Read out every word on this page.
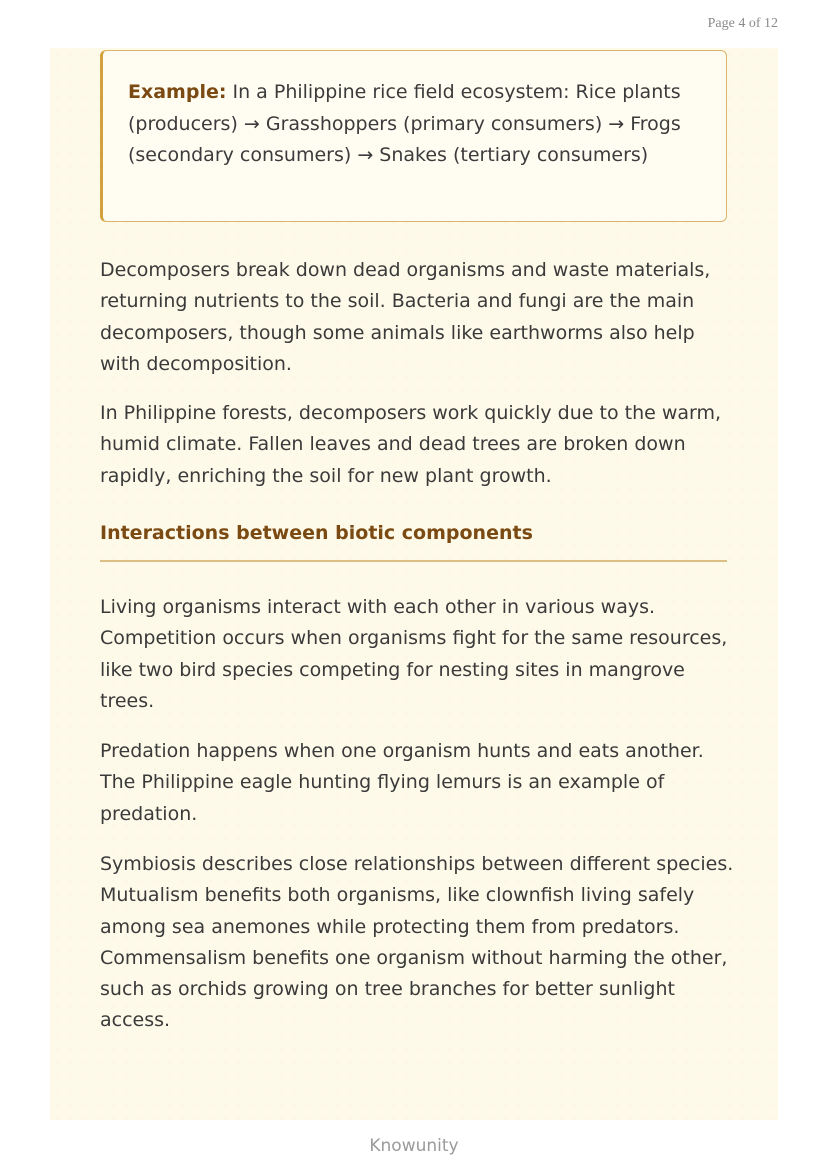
Page 4 of 12
Example: In a Philippine rice field ecosystem: Rice plants (producers) → Grasshoppers (primary consumers) → Frogs (secondary consumers) → Snakes (tertiary consumers)

Decomposers break down dead organisms and waste materials, returning nutrients to the soil. Bacteria and fungi are the main decomposers, though some animals like earthworms also help with decomposition.

In Philippine forests, decomposers work quickly due to the warm, humid climate. Fallen leaves and dead trees are broken down rapidly, enriching the soil for new plant growth.

Interactions between biotic components

Living organisms interact with each other in various ways. Competition occurs when organisms fight for the same resources, like two bird species competing for nesting sites in mangrove trees.

Predation happens when one organism hunts and eats another. The Philippine eagle hunting flying lemurs is an example of predation.

Symbiosis describes close relationships between different species. Mutualism benefits both organisms, like clownfish living safely among sea anemones while protecting them from predators. Commensalism benefits one organism without harming the other, such as orchids growing on tree branches for better sunlight access.

Knowunity
